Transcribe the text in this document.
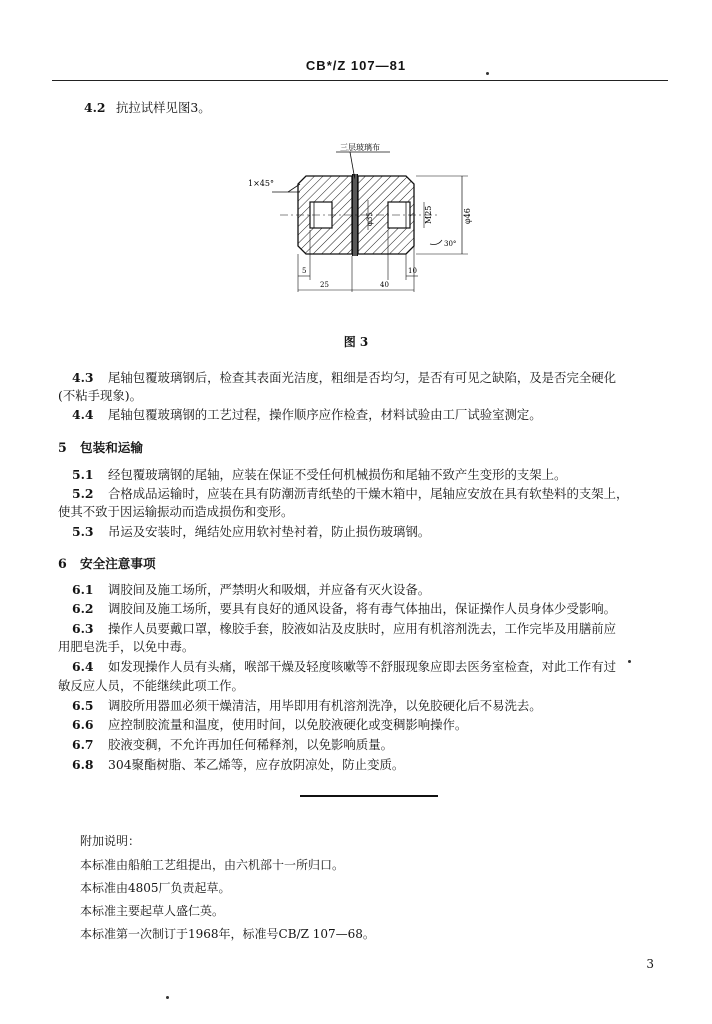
CB*/Z 107—81
4.2 抗拉试样见图3。
三层玻璃布
1×45°
φ35	M25	φ46
30°
5	10
25	40
图 3
4.3 尾轴包覆玻璃钢后，检查其表面光洁度，粗细是否均匀，是否有可见之缺陷，及是否完全硬化
(不粘手现象)。
4.4 尾轴包覆玻璃钢的工艺过程，操作顺序应作检查，材料试验由工厂试验室测定。
5 包装和运输
5.1 经包覆玻璃钢的尾轴，应装在保证不受任何机械损伤和尾轴不致产生变形的支架上。
5.2 合格成品运输时，应装在具有防潮沥青纸垫的干燥木箱中，尾轴应安放在具有软垫料的支架上，
使其不致于因运输振动而造成损伤和变形。
5.3 吊运及安装时，绳结处应用软衬垫衬着，防止损伤玻璃钢。
6 安全注意事项
6.1 调胶间及施工场所，严禁明火和吸烟，并应备有灭火设备。
6.2 调胶间及施工场所，要具有良好的通风设备，将有毒气体抽出，保证操作人员身体少受影响。
6.3 操作人员要戴口罩，橡胶手套，胶液如沾及皮肤时，应用有机溶剂洗去，工作完毕及用膳前应
用肥皂洗手，以免中毒。
6.4 如发现操作人员有头痛，喉部干燥及轻度咳嗽等不舒服现象应即去医务室检查，对此工作有过
敏反应人员，不能继续此项工作。
6.5 调胶所用器皿必须干燥清洁，用毕即用有机溶剂洗净，以免胶硬化后不易洗去。
6.6 应控制胶流量和温度，使用时间，以免胶液硬化或变稠影响操作。
6.7 胶液变稠，不允许再加任何稀释剂，以免影响质量。
6.8 304聚酯树脂、苯乙烯等，应存放阴凉处，防止变质。
附加说明：
本标准由船舶工艺组提出，由六机部十一所归口。
本标准由4805厂负责起草。
本标准主要起草人盛仁英。
本标准第一次制订于1968年，标准号CB/Z 107—68。
3
